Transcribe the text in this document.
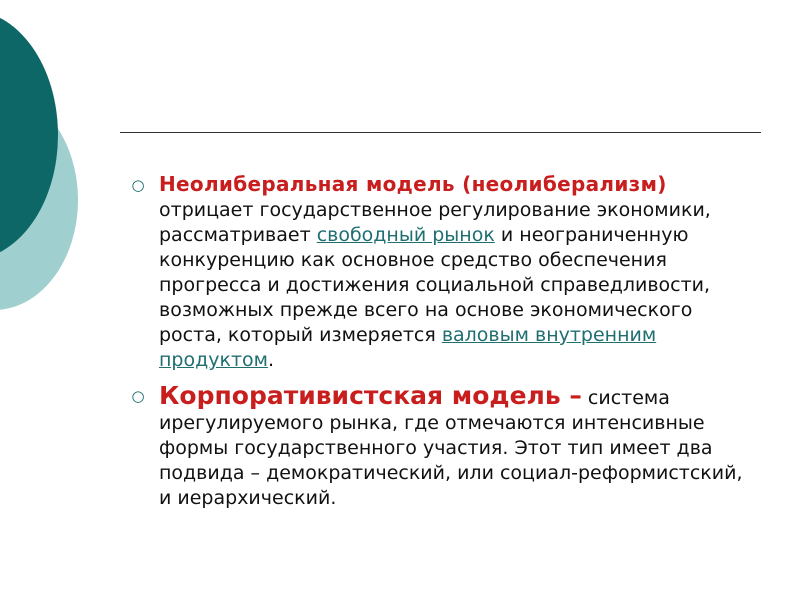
○ Неолиберальная модель (неолиберализм) отрицает государственное регулирование экономики, рассматривает свободный рынок и неограниченную конкуренцию как основное средство обеспечения прогресса и достижения социальной справедливости, возможных прежде всего на основе экономического роста, который измеряется валовым внутренним продуктом.
○ Корпоративистская модель – система ирегулируемого рынка, где отмечаются интенсивные формы государственного участия. Этот тип имеет два подвида – демократический, или социал-реформистский, и иерархический.
